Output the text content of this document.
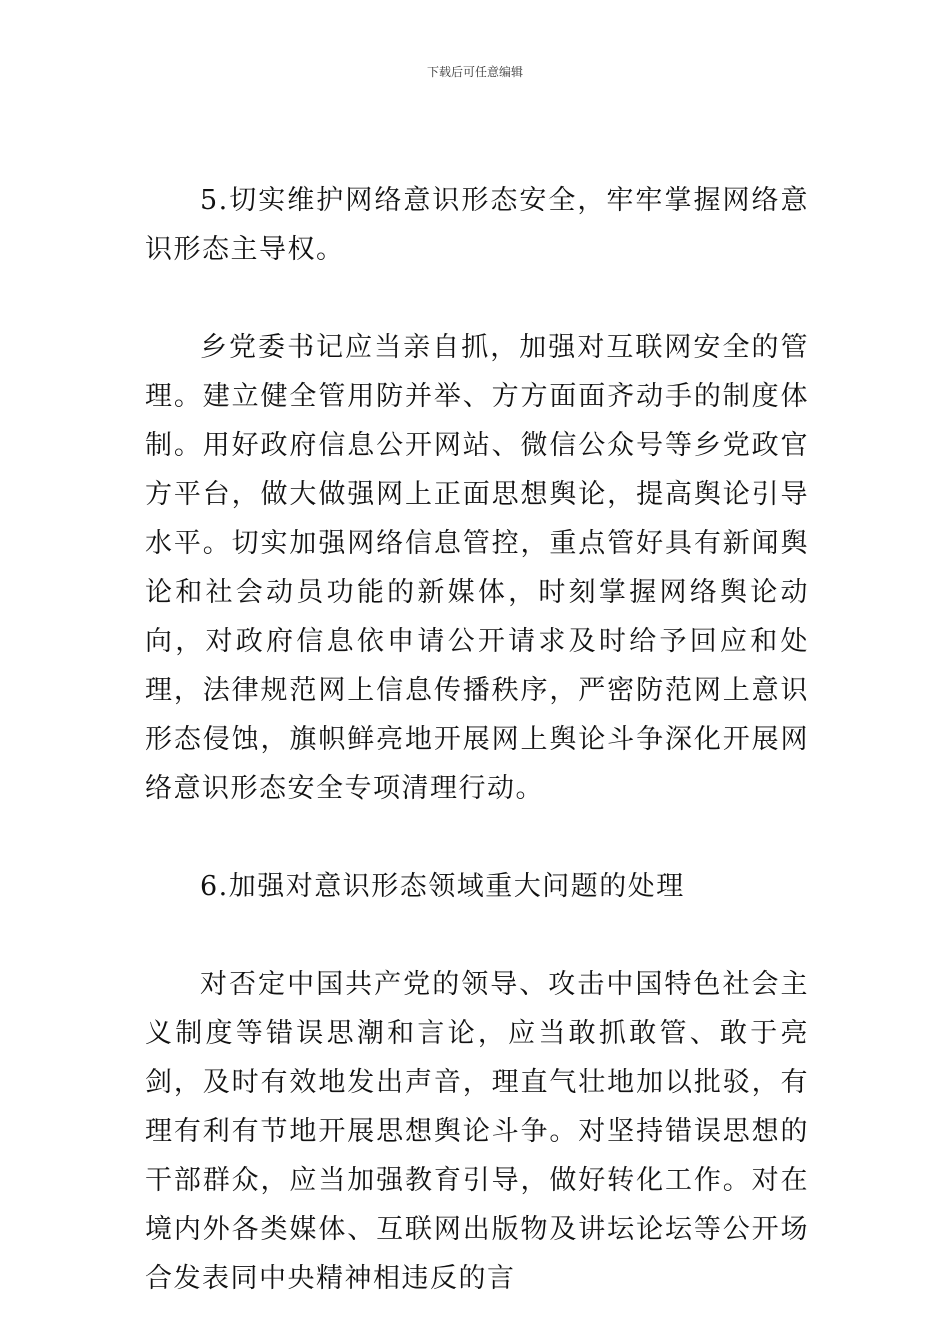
下载后可任意编辑

5.切实维护网络意识形态安全，牢牢掌握网络意识形态主导权。

乡党委书记应当亲自抓，加强对互联网安全的管理。建立健全管用防并举、方方面面齐动手的制度体制。用好政府信息公开网站、微信公众号等乡党政官方平台，做大做强网上正面思想舆论，提高舆论引导水平。切实加强网络信息管控，重点管好具有新闻舆论和社会动员功能的新媒体，时刻掌握网络舆论动向，对政府信息依申请公开请求及时给予回应和处理，法律规范网上信息传播秩序，严密防范网上意识形态侵蚀，旗帜鲜亮地开展网上舆论斗争深化开展网络意识形态安全专项清理行动。

6.加强对意识形态领域重大问题的处理

对否定中国共产党的领导、攻击中国特色社会主义制度等错误思潮和言论，应当敢抓敢管、敢于亮剑，及时有效地发出声音，理直气壮地加以批驳，有理有利有节地开展思想舆论斗争。对坚持错误思想的干部群众，应当加强教育引导，做好转化工作。对在境内外各类媒体、互联网出版物及讲坛论坛等公开场合发表同中央精神相违反的言
